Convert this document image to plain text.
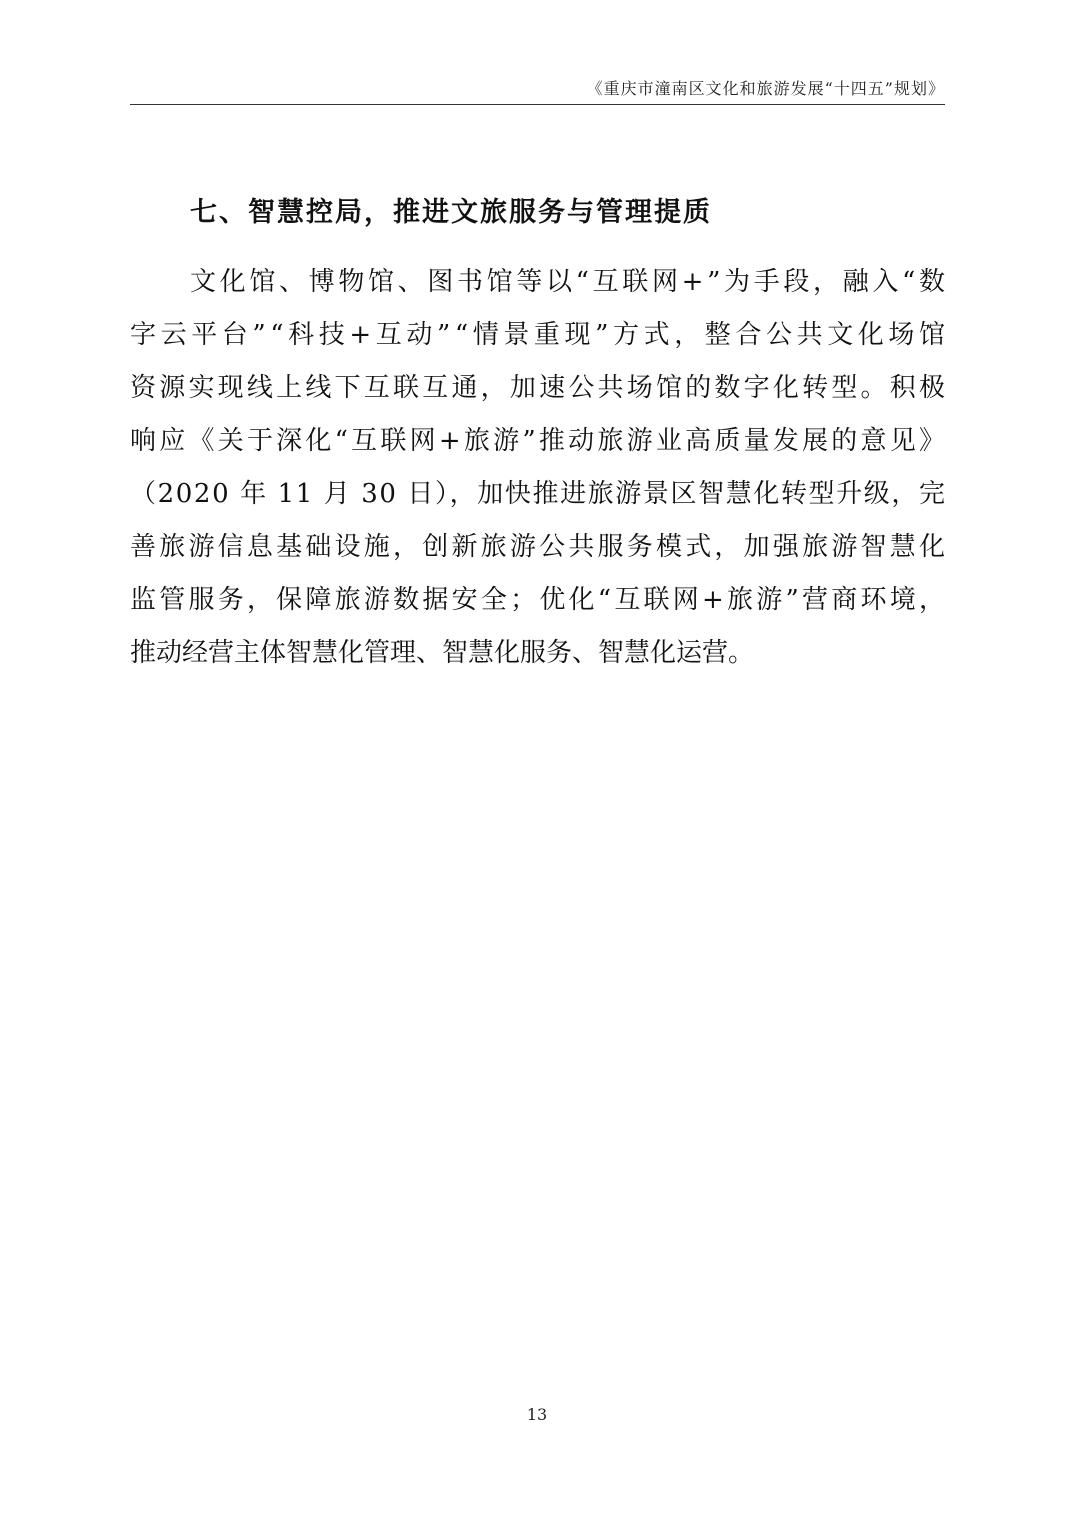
《重庆市潼南区文化和旅游发展“十四五”规划》
七、智慧控局，推进文旅服务与管理提质
文化馆、博物馆、图书馆等以“互联网+”为手段，融入“数
字云平台”“科技+互动”“情景重现”方式，整合公共文化场馆
资源实现线上线下互联互通，加速公共场馆的数字化转型。积极
响应《关于深化“互联网+旅游”推动旅游业高质量发展的意见》
（2020 年 11 月 30 日），加快推进旅游景区智慧化转型升级，完
善旅游信息基础设施，创新旅游公共服务模式，加强旅游智慧化
监管服务，保障旅游数据安全；优化“互联网+旅游”营商环境，
推动经营主体智慧化管理、智慧化服务、智慧化运营。
13
